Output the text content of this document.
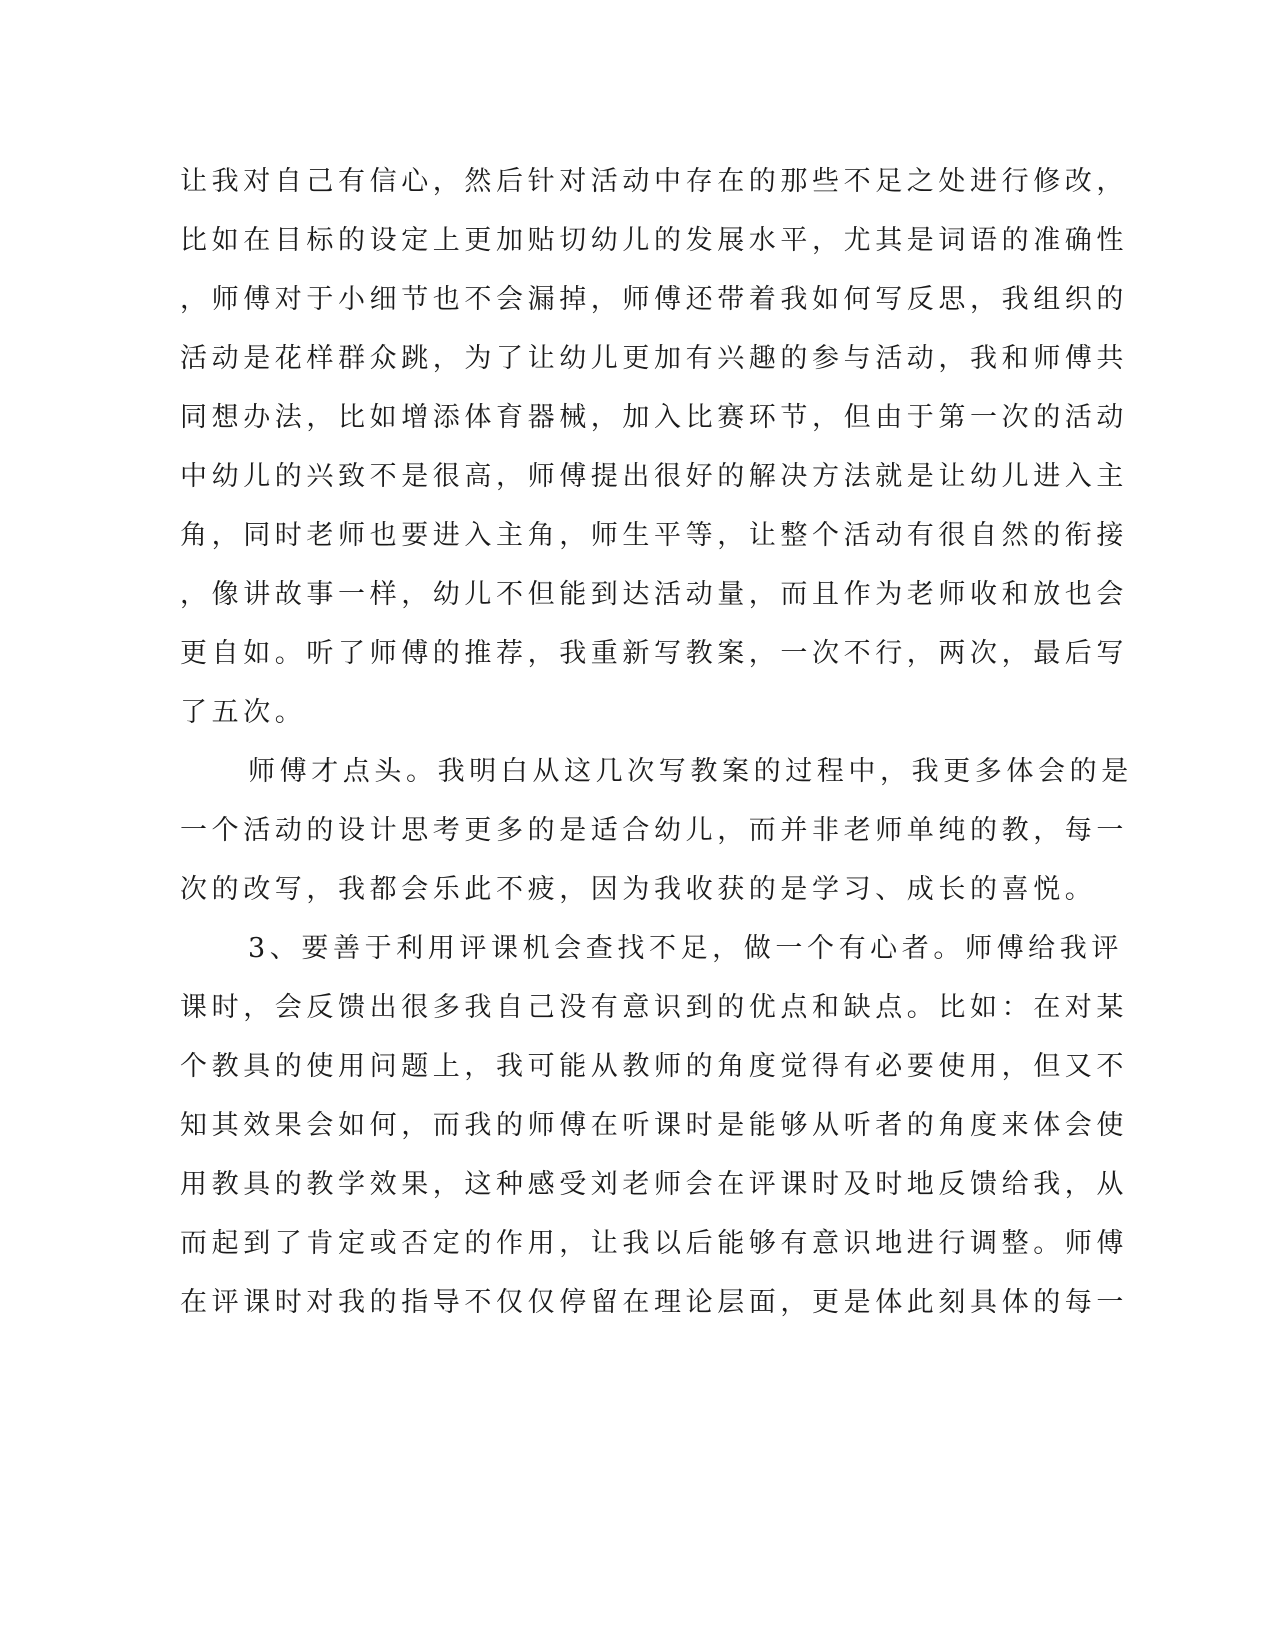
让我对自己有信心，然后针对活动中存在的那些不足之处进行修改，
比如在目标的设定上更加贴切幼儿的发展水平，尤其是词语的准确性
，师傅对于小细节也不会漏掉，师傅还带着我如何写反思，我组织的
活动是花样群众跳，为了让幼儿更加有兴趣的参与活动，我和师傅共
同想办法，比如增添体育器械，加入比赛环节，但由于第一次的活动
中幼儿的兴致不是很高，师傅提出很好的解决方法就是让幼儿进入主
角，同时老师也要进入主角，师生平等，让整个活动有很自然的衔接
，像讲故事一样，幼儿不但能到达活动量，而且作为老师收和放也会
更自如。听了师傅的推荐，我重新写教案，一次不行，两次，最后写
了五次。
师傅才点头。我明白从这几次写教案的过程中，我更多体会的是
一个活动的设计思考更多的是适合幼儿，而并非老师单纯的教，每一
次的改写，我都会乐此不疲，因为我收获的是学习、成长的喜悦。
3、要善于利用评课机会查找不足，做一个有心者。师傅给我评
课时，会反馈出很多我自己没有意识到的优点和缺点。比如：在对某
个教具的使用问题上，我可能从教师的角度觉得有必要使用，但又不
知其效果会如何，而我的师傅在听课时是能够从听者的角度来体会使
用教具的教学效果，这种感受刘老师会在评课时及时地反馈给我，从
而起到了肯定或否定的作用，让我以后能够有意识地进行调整。师傅
在评课时对我的指导不仅仅停留在理论层面，更是体此刻具体的每一
